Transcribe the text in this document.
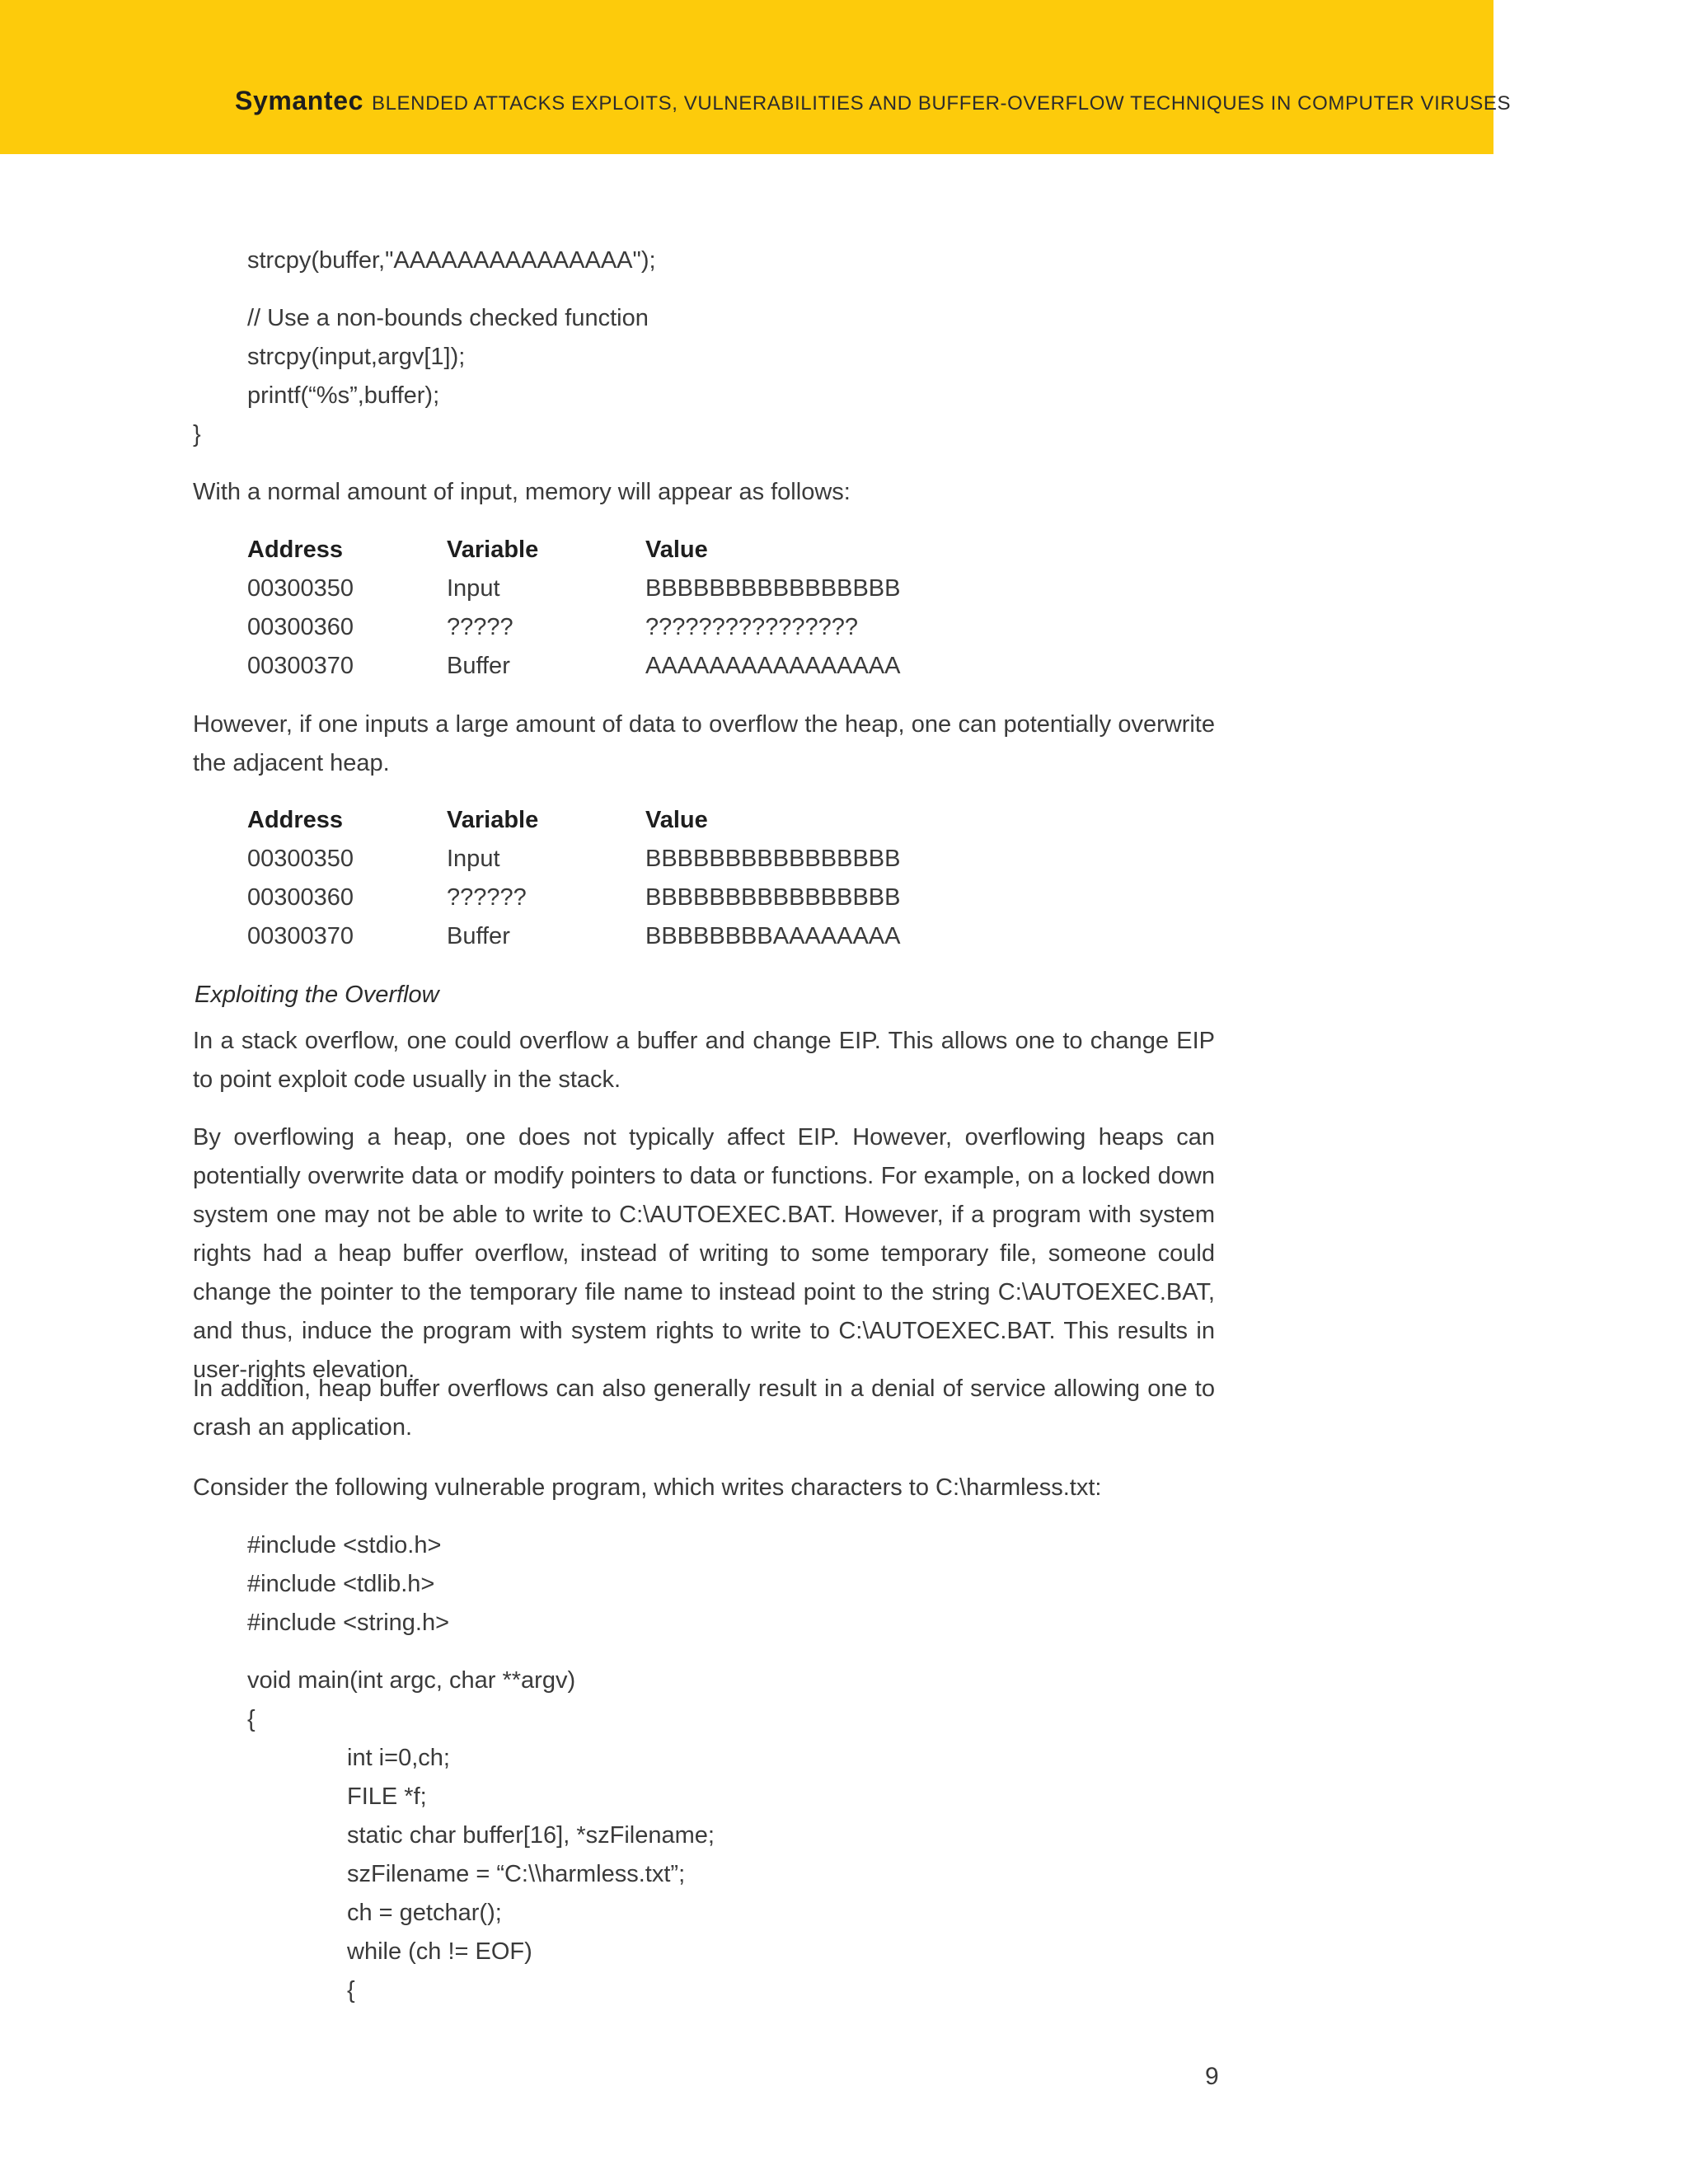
Symantec BLENDED ATTACKS EXPLOITS, VULNERABILITIES AND BUFFER-OVERFLOW TECHNIQUES IN COMPUTER VIRUSES
strcpy(buffer,"AAAAAAAAAAAAAAA");
// Use a non-bounds checked function
strcpy(input,argv[1]);
printf(“%s”,buffer);
}
With a normal amount of input, memory will appear as follows:
Address	Variable	Value
00300350	Input	BBBBBBBBBBBBBBBB
00300360	?????	????????????????
00300370	Buffer	AAAAAAAAAAAAAAAA
However, if one inputs a large amount of data to overflow the heap, one can potentially overwrite the adjacent heap.
Address	Variable	Value
00300350	Input	BBBBBBBBBBBBBBBB
00300360	??????	BBBBBBBBBBBBBBBB
00300370	Buffer	BBBBBBBBAAAAAAAA
Exploiting the Overflow
In a stack overflow, one could overflow a buffer and change EIP. This allows one to change EIP to point exploit code usually in the stack.
By overflowing a heap, one does not typically affect EIP. However, overflowing heaps can potentially overwrite data or modify pointers to data or functions. For example, on a locked down system one may not be able to write to C:\AUTOEXEC.BAT. However, if a program with system rights had a heap buffer overflow, instead of writing to some temporary file, someone could change the pointer to the temporary file name to instead point to the string C:\AUTOEXEC.BAT, and thus, induce the program with system rights to write to C:\AUTOEXEC.BAT. This results in user-rights elevation.
In addition, heap buffer overflows can also generally result in a denial of service allowing one to crash an application.
Consider the following vulnerable program, which writes characters to C:\harmless.txt:
#include <stdio.h>
#include <tdlib.h>
#include <string.h>
void main(int argc, char **argv)
{
int i=0,ch;
FILE *f;
static char buffer[16], *szFilename;
szFilename = “C:\\harmless.txt”;
ch = getchar();
while (ch != EOF)
{
9
